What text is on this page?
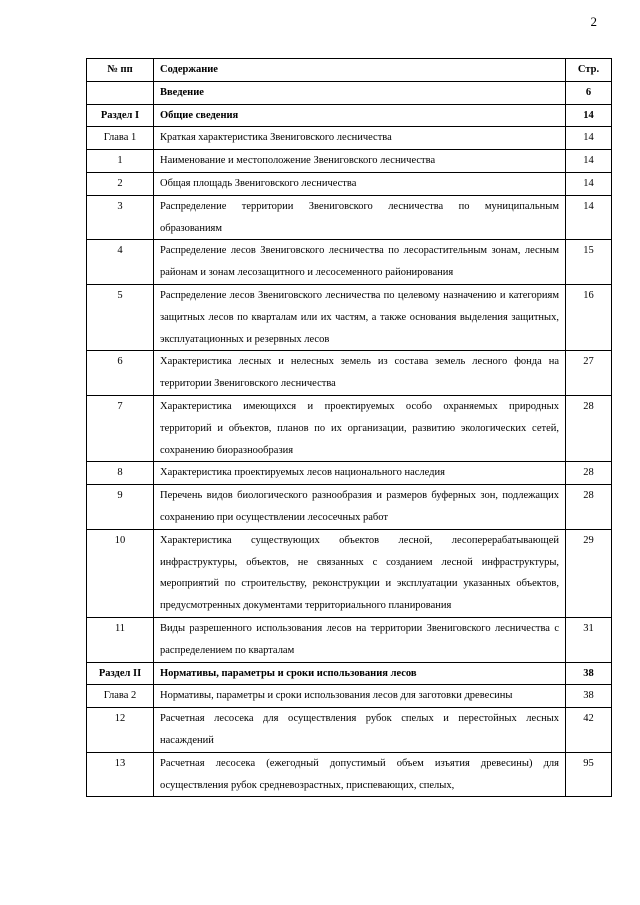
2
№ пп	Содержание	Стр.
	Введение	6
Раздел I	Общие сведения	14
Глава 1	Краткая характеристика Звениговского лесничества	14
1	Наименование и местоположение Звениговского лесничества	14
2	Общая площадь Звениговского лесничества	14
3	Распределение территории Звениговского лесничества по муниципальным образованиям	14
4	Распределение лесов Звениговского лесничества по лесорастительным зонам, лесным районам и зонам лесозащитного и лесосеменного районирования	15
5	Распределение лесов Звениговского лесничества по целевому назначению и категориям защитных лесов по кварталам или их частям, а также основания выделения защитных, эксплуатационных и резервных лесов	16
6	Характеристика лесных и нелесных земель из состава земель лесного фонда на территории Звениговского лесничества	27
7	Характеристика имеющихся и проектируемых особо охраняемых природных территорий и объектов, планов по их организации, развитию экологических сетей, сохранению биоразнообразия	28
8	Характеристика проектируемых лесов национального наследия	28
9	Перечень видов биологического разнообразия и размеров буферных зон, подлежащих сохранению при осуществлении лесосечных работ	28
10	Характеристика существующих объектов лесной, лесоперерабатывающей инфраструктуры, объектов, не связанных с созданием лесной инфраструктуры, мероприятий по строительству, реконструкции и эксплуатации указанных объектов, предусмотренных документами территориального планирования	29
11	Виды разрешенного использования лесов на территории Звениговского лесничества с распределением по кварталам	31
Раздел II	Нормативы, параметры и сроки использования лесов	38
Глава 2	Нормативы, параметры и сроки использования лесов для заготовки древесины	38
12	Расчетная лесосека для осуществления рубок спелых и перестойных лесных насаждений	42
13	Расчетная лесосека (ежегодный допустимый объем изъятия древесины) для осуществления рубок средневозрастных, приспевающих, спелых,	95
